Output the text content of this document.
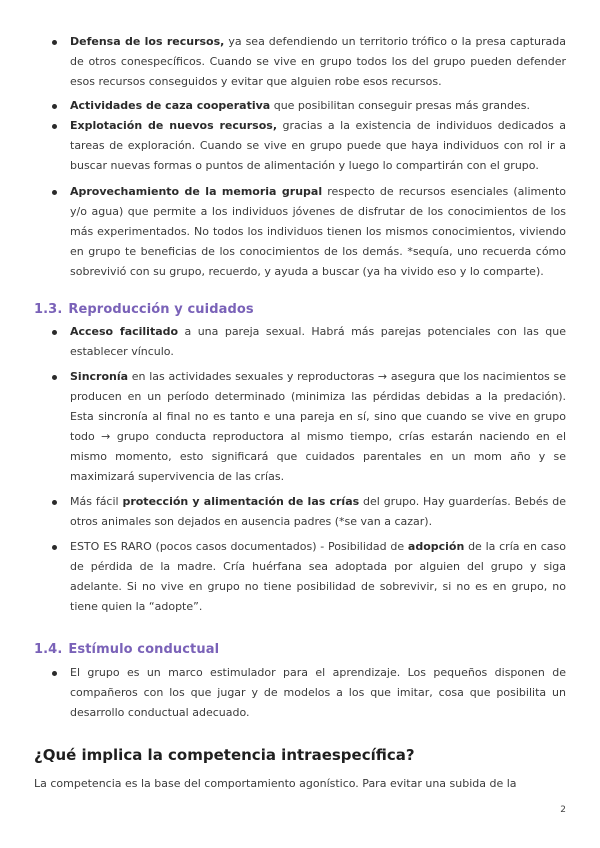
Defensa de los recursos, ya sea defendiendo un territorio trófico o la presa capturada de otros conespecíficos. Cuando se vive en grupo todos los del grupo pueden defender esos recursos conseguidos y evitar que alguien robe esos recursos.
Actividades de caza cooperativa que posibilitan conseguir presas más grandes.
Explotación de nuevos recursos, gracias a la existencia de individuos dedicados a tareas de exploración. Cuando se vive en grupo puede que haya individuos con rol ir a buscar nuevas formas o puntos de alimentación y luego lo compartirán con el grupo.
Aprovechamiento de la memoria grupal respecto de recursos esenciales (alimento y/o agua) que permite a los individuos jóvenes de disfrutar de los conocimientos de los más experimentados. No todos los individuos tienen los mismos conocimientos, viviendo en grupo te beneficias de los conocimientos de los demás. *sequía, uno recuerda cómo sobrevivió con su grupo, recuerdo, y ayuda a buscar (ya ha vivido eso y lo comparte).
1.3. Reproducción y cuidados
Acceso facilitado a una pareja sexual. Habrá más parejas potenciales con las que establecer vínculo.
Sincronía en las actividades sexuales y reproductoras → asegura que los nacimientos se producen en un período determinado (minimiza las pérdidas debidas a la predación). Esta sincronía al final no es tanto e una pareja en sí, sino que cuando se vive en grupo todo → grupo conducta reproductora al mismo tiempo, crías estarán naciendo en el mismo momento, esto significará que cuidados parentales en un mom año y se maximizará supervivencia de las crías.
Más fácil protección y alimentación de las crías del grupo. Hay guarderías. Bebés de otros animales son dejados en ausencia padres (*se van a cazar).
ESTO ES RARO (pocos casos documentados) - Posibilidad de adopción de la cría en caso de pérdida de la madre. Cría huérfana sea adoptada por alguien del grupo y siga adelante. Si no vive en grupo no tiene posibilidad de sobrevivir, si no es en grupo, no tiene quien la “adopte”.
1.4. Estímulo conductual
El grupo es un marco estimulador para el aprendizaje. Los pequeños disponen de compañeros con los que jugar y de modelos a los que imitar, cosa que posibilita un desarrollo conductual adecuado.
¿Qué implica la competencia intraespecífica?
La competencia es la base del comportamiento agonístico. Para evitar una subida de la
2
